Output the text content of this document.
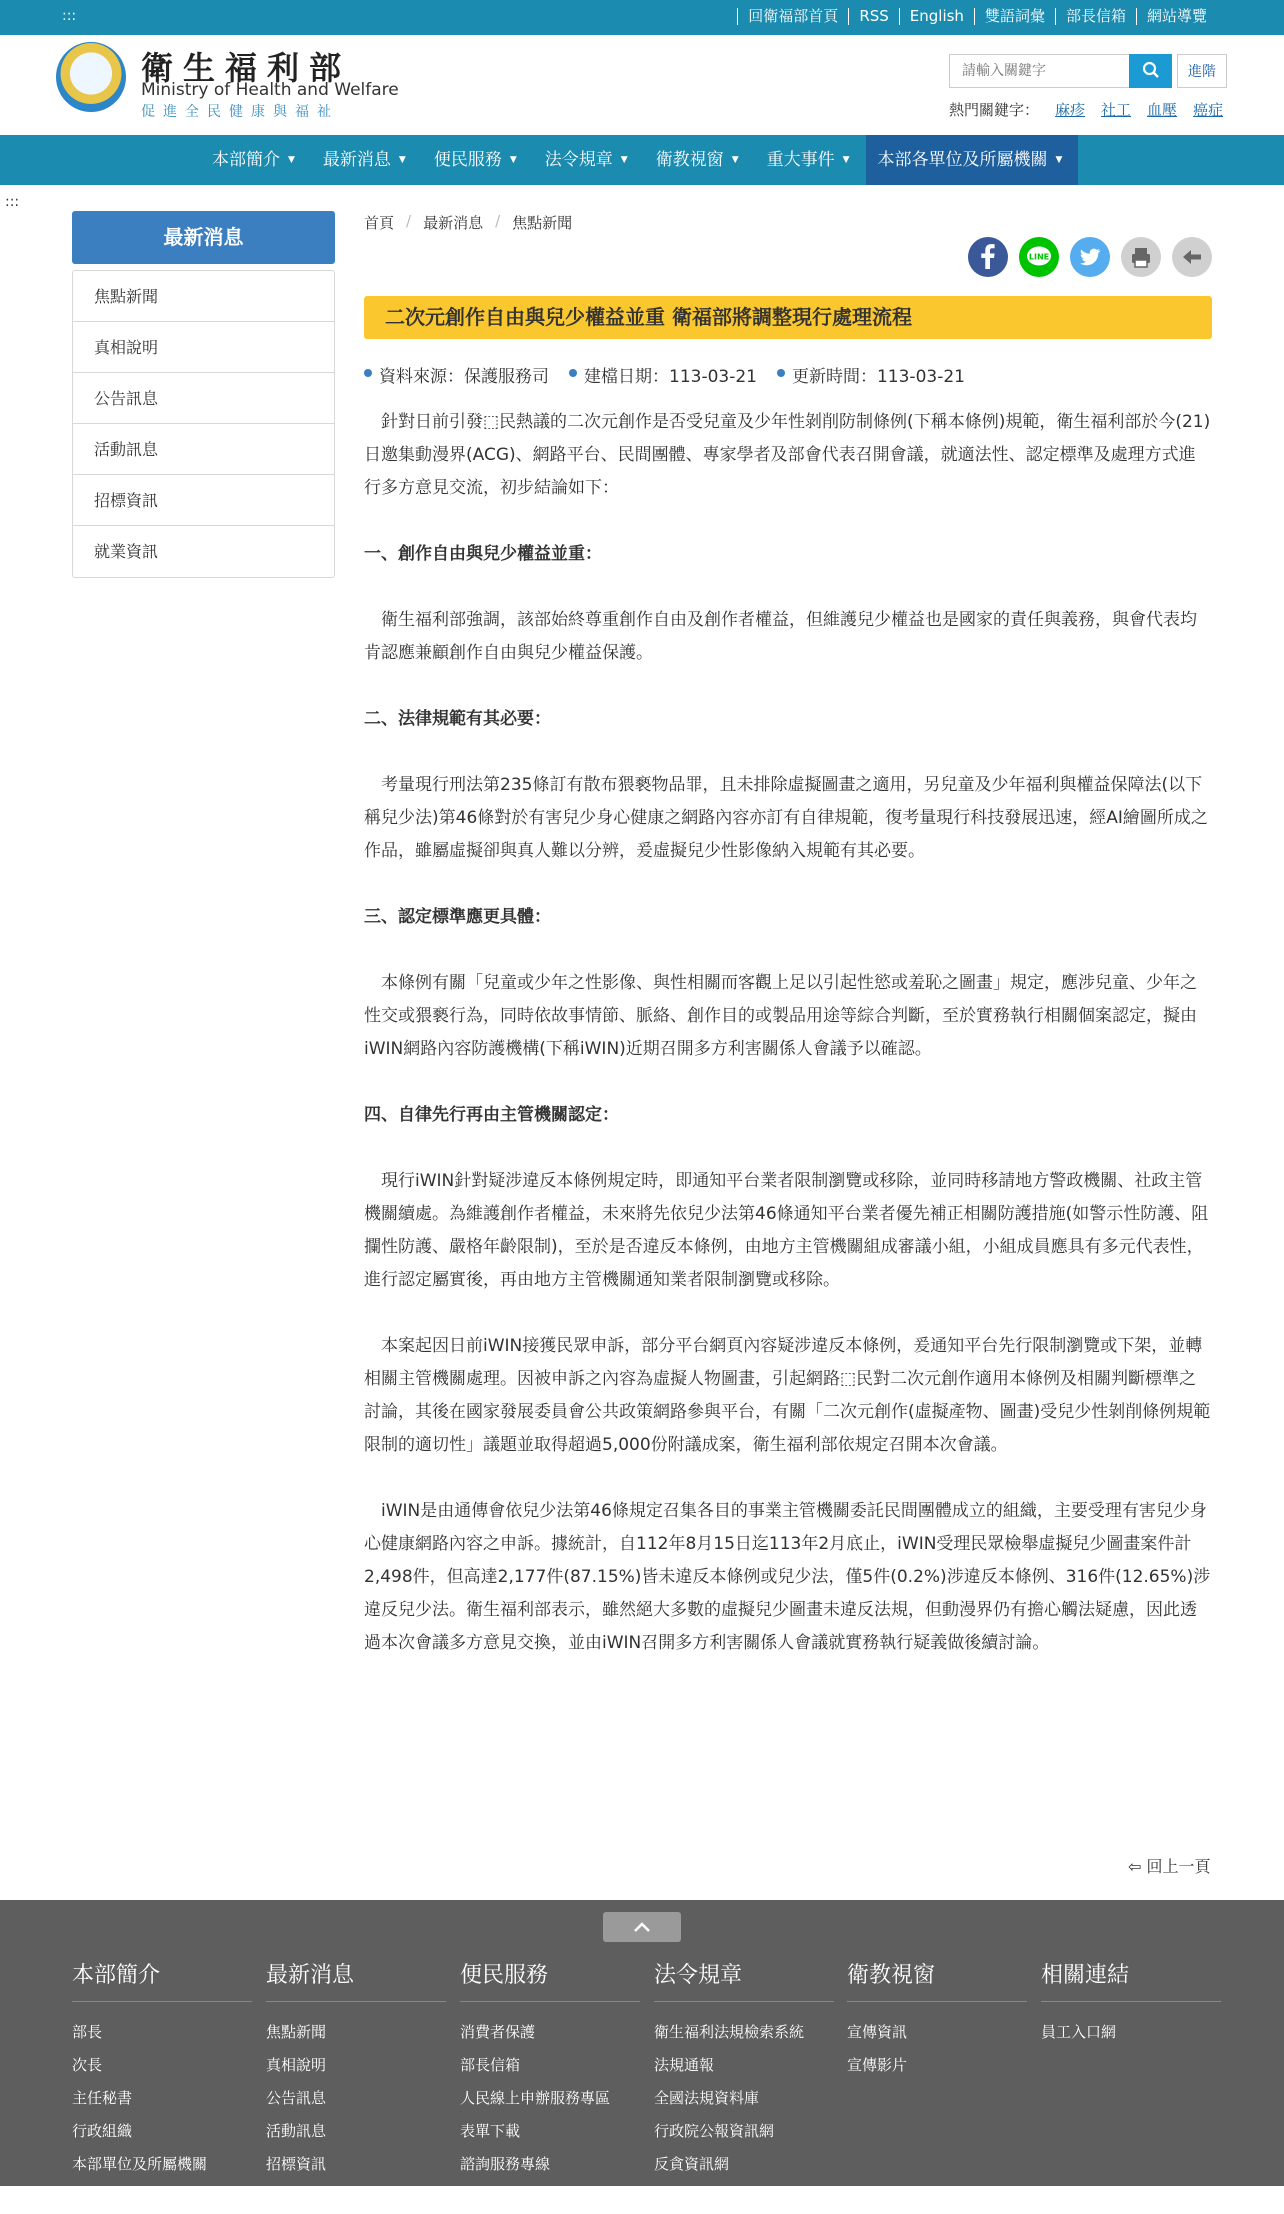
:::	回衛福部首頁	RSS	English	雙語詞彙	部長信箱	網站導覽
衛生福利部
Ministry of Health and Welfare
促進全民健康與福祉
請輸入關鍵字
進階
熱門關鍵字： 麻疹 社工 血壓 癌症
本部簡介 ▼	最新消息 ▼	便民服務 ▼	法令規章 ▼	衛教視窗 ▼	重大事件 ▼	本部各單位及所屬機關 ▼
:::
最新消息
焦點新聞
真相說明
公告訊息
活動訊息
招標資訊
就業資訊
首頁 / 最新消息 / 焦點新聞
LINE
二次元創作自由與兒少權益並重 衛福部將調整現行處理流程
資料來源：保護服務司	建檔日期：113-03-21	更新時間：113-03-21

針對日前引發⬚民熱議的二次元創作是否受兒童及少年性剝削防制條例(下稱本條例)規範，衛生福利部於今(21)日邀集動漫界(ACG)、網路平台、民間團體、專家學者及部會代表召開會議，就適法性、認定標準及處理方式進行多方意見交流，初步結論如下：

一、創作自由與兒少權益並重：

衛生福利部強調，該部始終尊重創作自由及創作者權益，但維護兒少權益也是國家的責任與義務，與會代表均肯認應兼顧創作自由與兒少權益保護。

二、法律規範有其必要：

考量現行刑法第235條訂有散布猥褻物品罪，且未排除虛擬圖畫之適用，另兒童及少年福利與權益保障法(以下稱兒少法)第46條對於有害兒少身心健康之網路內容亦訂有自律規範，復考量現行科技發展迅速，經AI繪圖所成之作品，雖屬虛擬卻與真人難以分辨，爰虛擬兒少性影像納入規範有其必要。

三、認定標準應更具體：

本條例有關「兒童或少年之性影像、與性相關而客觀上足以引起性慾或羞恥之圖畫」規定，應涉兒童、少年之性交或猥褻行為，同時依故事情節、脈絡、創作目的或製品用途等綜合判斷，至於實務執行相關個案認定，擬由iWIN網路內容防護機構(下稱iWIN)近期召開多方利害關係人會議予以確認。

四、自律先行再由主管機關認定：

現行iWIN針對疑涉違反本條例規定時，即通知平台業者限制瀏覽或移除，並同時移請地方警政機關、社政主管機關續處。為維護創作者權益，未來將先依兒少法第46條通知平台業者優先補正相關防護措施(如警示性防護、阻攔性防護、嚴格年齡限制)，至於是否違反本條例，由地方主管機關組成審議小組，小組成員應具有多元代表性，進行認定屬實後，再由地方主管機關通知業者限制瀏覽或移除。

本案起因日前iWIN接獲民眾申訴，部分平台網頁內容疑涉違反本條例，爰通知平台先行限制瀏覽或下架，並轉相關主管機關處理。因被申訴之內容為虛擬人物圖畫，引起網路⬚民對二次元創作適用本條例及相關判斷標準之討論，其後在國家發展委員會公共政策網路參與平台，有關「二次元創作(虛擬產物、圖畫)受兒少性剝削條例規範限制的適切性」議題並取得超過5,000份附議成案，衛生福利部依規定召開本次會議。

iWIN是由通傳會依兒少法第46條規定召集各目的事業主管機關委託民間團體成立的組織，主要受理有害兒少身心健康網路內容之申訴。據統計，自112年8月15日迄113年2月底止，iWIN受理民眾檢舉虛擬兒少圖畫案件計2,498件，但高達2,177件(87.15%)皆未違反本條例或兒少法，僅5件(0.2%)涉違反本條例、316件(12.65%)涉違反兒少法。衛生福利部表示，雖然絕大多數的虛擬兒少圖畫未違反法規，但動漫界仍有擔心觸法疑慮，因此透過本次會議多方意見交換，並由iWIN召開多方利害關係人會議就實務執行疑義做後續討論。

⇦ 回上一頁
本部簡介
部長
次長
主任秘書
行政組織
本部單位及所屬機關
衛生福利委員會
最新消息
焦點新聞
真相說明
公告訊息
活動訊息
招標資訊
就業資訊
便民服務
消費者保護
部長信箱
人民線上申辦服務專區
表單下載
諮詢服務專線
政府出版品
法令規章
衛生福利法規檢索系統
法規通報
全國法規資料庫
行政院公報資訊網
反貪資訊網
當韓法專區
衛教視窗
宣傳資訊
宣傳影片
相關連結
員工入口網
